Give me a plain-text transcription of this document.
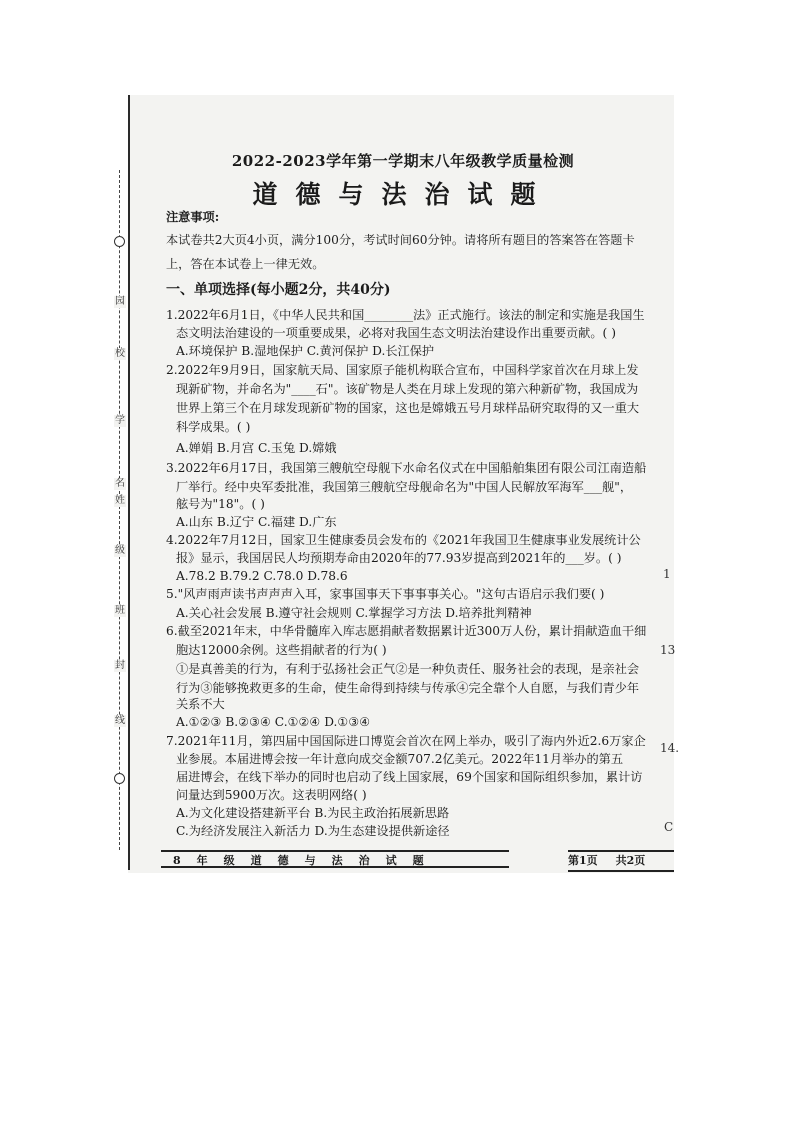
园
校
学
名
姓
级
班
封
线
2022-2023学年第一学期末八年级教学质量检测
道德与法治试题
注意事项:
本试卷共2大页4小页，满分100分，考试时间60分钟。请将所有题目的答案答在答题卡
上，答在本试卷上一律无效。
一、单项选择(每小题2分，共40分)
1.2022年6月1日，《中华人民共和国________法》正式施行。该法的制定和实施是我国生
态文明法治建设的一项重要成果，必将对我国生态文明法治建设作出重要贡献。( )
A.环境保护 B.湿地保护 C.黄河保护 D.长江保护
2.2022年9月9日，国家航天局、国家原子能机构联合宣布，中国科学家首次在月球上发
现新矿物，并命名为"____石"。该矿物是人类在月球上发现的第六种新矿物，我国成为
世界上第三个在月球发现新矿物的国家，这也是嫦娥五号月球样品研究取得的又一重大
科学成果。( )
A.婵娟 B.月宫 C.玉兔 D.嫦娥
3.2022年6月17日，我国第三艘航空母舰下水命名仪式在中国船舶集团有限公司江南造船
厂举行。经中央军委批准，我国第三艘航空母舰命名为"中国人民解放军海军___舰"，
舷号为"18"。( )
A.山东 B.辽宁 C.福建 D.广东
4.2022年7月12日，国家卫生健康委员会发布的《2021年我国卫生健康事业发展统计公
报》显示，我国居民人均预期寿命由2020年的77.93岁提高到2021年的___岁。( )
A.78.2 B.79.2 C.78.0 D.78.6
5."风声雨声读书声声声入耳，家事国事天下事事事关心。"这句古语启示我们要( )
A.关心社会发展 B.遵守社会规则 C.掌握学习方法 D.培养批判精神
6.截至2021年末，中华骨髓库入库志愿捐献者数据累计近300万人份，累计捐献造血干细
胞达12000余例。这些捐献者的行为( )
①是真善美的行为，有利于弘扬社会正气②是一种负责任、服务社会的表现，是亲社会
行为③能够挽救更多的生命，使生命得到持续与传承④完全靠个人自愿，与我们青少年
关系不大
A.①②③ B.②③④ C.①②④ D.①③④
7.2021年11月，第四届中国国际进口博览会首次在网上举办，吸引了海内外近2.6万家企
业参展。本届进博会按一年计意向成交金额707.2亿美元。2022年11月举办的第五
届进博会，在线下举办的同时也启动了线上国家展，69个国家和国际组织参加，累计访
问量达到5900万次。这表明网络( )
A.为文化建设搭建新平台 B.为民主政治拓展新思路
C.为经济发展注入新活力 D.为生态建设提供新途径
8年级道德与法治试题	第1页 共2页
1
13
14.
C
